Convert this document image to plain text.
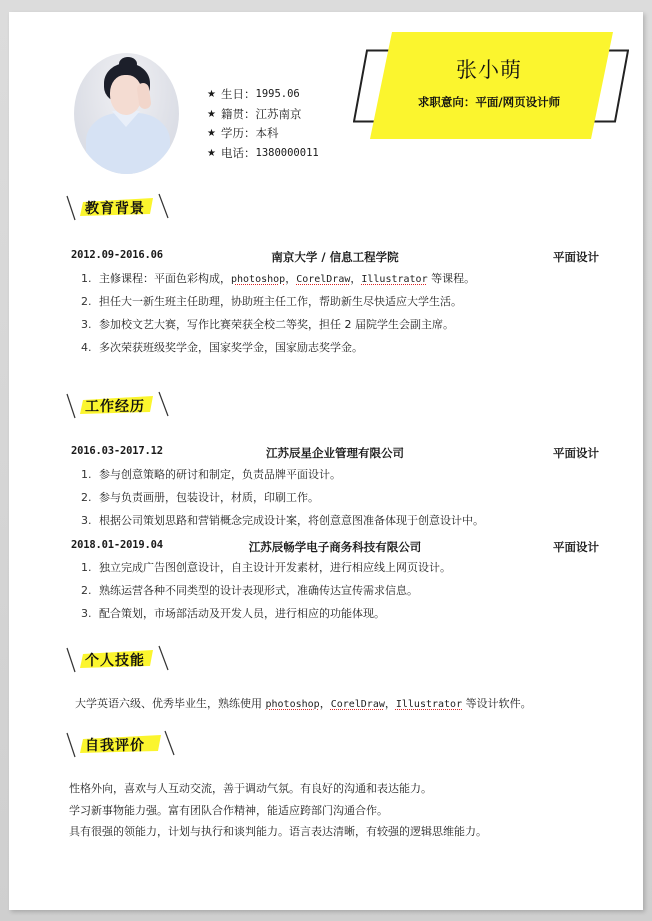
★ 生日： 1995.06
★ 籍贯： 江苏南京
★ 学历： 本科
★ 电话： 1380000011
张小萌
求职意向：平面/网页设计师
教育背景
2012.09-2016.06	南京大学 / 信息工程学院	平面设计
1. 主修课程：平面色彩构成，photoshop，CorelDraw，Illustrator 等课程。
2. 担任大一新生班主任助理，协助班主任工作，帮助新生尽快适应大学生活。
3. 参加校文艺大赛，写作比赛荣获全校二等奖，担任 2 届院学生会副主席。
4. 多次荣获班级奖学金，国家奖学金，国家励志奖学金。
工作经历
2016.03-2017.12	江苏辰星企业管理有限公司	平面设计
1. 参与创意策略的研讨和制定，负责品牌平面设计。
2. 参与负责画册，包装设计，材质，印刷工作。
3. 根据公司策划思路和营销概念完成设计案，将创意意图准备体现于创意设计中。
2018.01-2019.04	江苏辰畅学电子商务科技有限公司	平面设计
1. 独立完成广告图创意设计，自主设计开发素材，进行相应线上网页设计。
2. 熟练运营各种不同类型的设计表现形式，准确传达宣传需求信息。
3. 配合策划，市场部活动及开发人员，进行相应的功能体现。
个人技能
大学英语六级、优秀毕业生，熟练使用 photoshop，CorelDraw，Illustrator 等设计软件。
自我评价
性格外向，喜欢与人互动交流，善于调动气氛。有良好的沟通和表达能力。
学习新事物能力强。富有团队合作精神，能适应跨部门沟通合作。
具有很强的领能力，计划与执行和谈判能力。语言表达清晰，有较强的逻辑思维能力。
